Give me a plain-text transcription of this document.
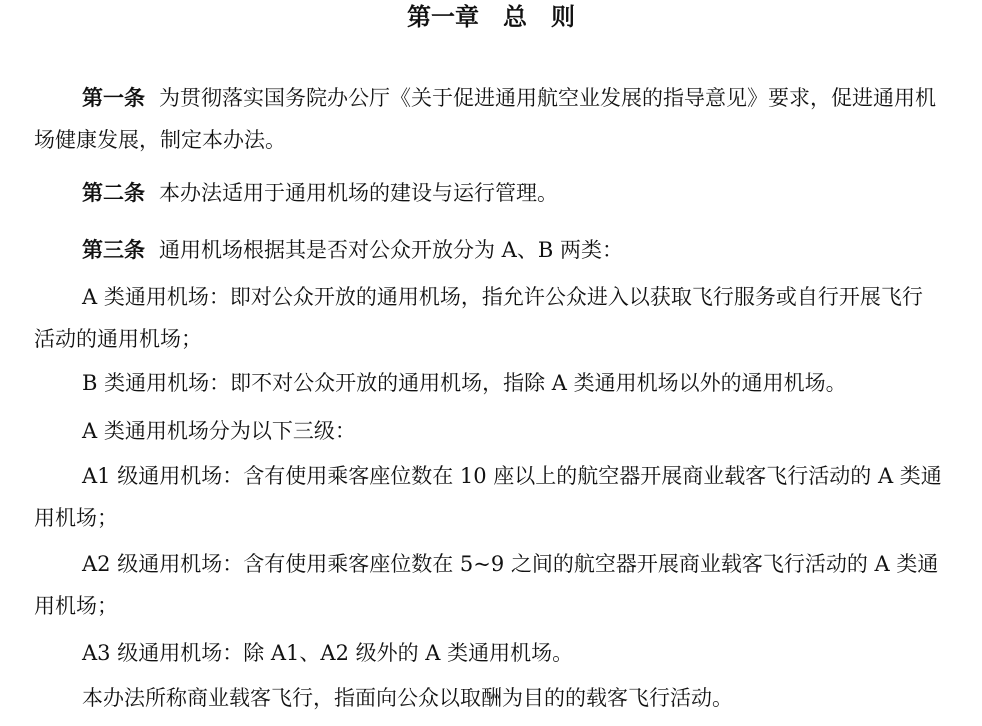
第一章　总　则

第一条 为贯彻落实国务院办公厅《关于促进通用航空业发展的指导意见》要求，促进通用机场健康发展，制定本办法。

第二条 本办法适用于通用机场的建设与运行管理。

第三条 通用机场根据其是否对公众开放分为 A、B 两类：

A 类通用机场：即对公众开放的通用机场，指允许公众进入以获取飞行服务或自行开展飞行活动的通用机场；

B 类通用机场：即不对公众开放的通用机场，指除 A 类通用机场以外的通用机场。

A 类通用机场分为以下三级：

A1 级通用机场：含有使用乘客座位数在 10 座以上的航空器开展商业载客飞行活动的 A 类通用机场；

A2 级通用机场：含有使用乘客座位数在 5~9 之间的航空器开展商业载客飞行活动的 A 类通用机场；

A3 级通用机场：除 A1、A2 级外的 A 类通用机场。

本办法所称商业载客飞行，指面向公众以取酬为目的的载客飞行活动。
